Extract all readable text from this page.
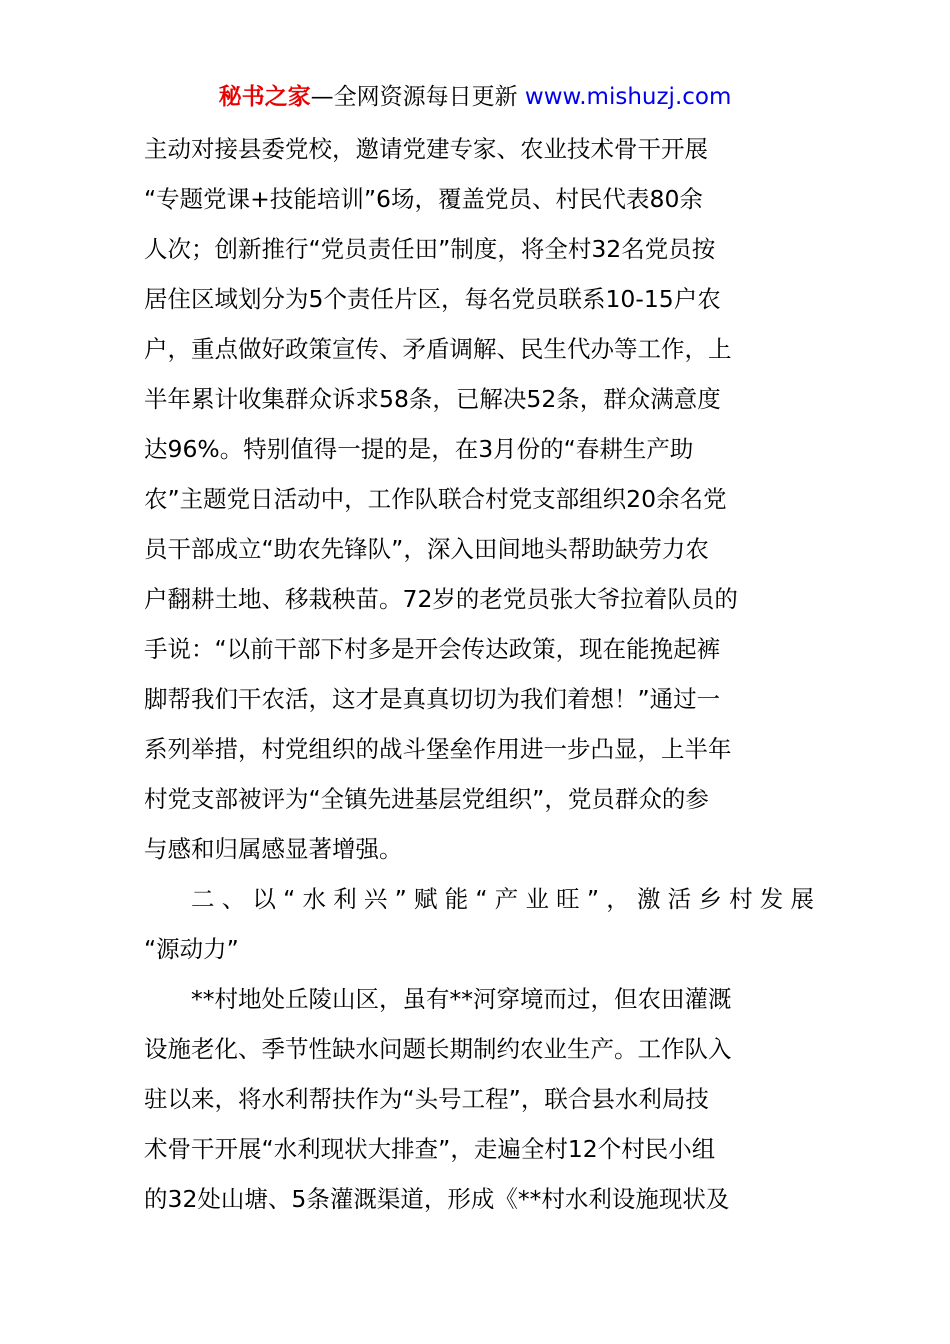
秘书之家—全网资源每日更新 www.mishuzj.com
主动对接县委党校，邀请党建专家、农业技术骨干开展
“专题党课+技能培训”6场，覆盖党员、村民代表80余
人次；创新推行“党员责任田”制度，将全村32名党员按
居住区域划分为5个责任片区，每名党员联系10-15户农
户，重点做好政策宣传、矛盾调解、民生代办等工作，上
半年累计收集群众诉求58条，已解决52条，群众满意度
达96%。特别值得一提的是，在3月份的“春耕生产助
农”主题党日活动中，工作队联合村党支部组织20余名党
员干部成立“助农先锋队”，深入田间地头帮助缺劳力农
户翻耕土地、移栽秧苗。72岁的老党员张大爷拉着队员的
手说：“以前干部下村多是开会传达政策，现在能挽起裤
脚帮我们干农活，这才是真真切切为我们着想！”通过一
系列举措，村党组织的战斗堡垒作用进一步凸显，上半年
村党支部被评为“全镇先进基层党组织”，党员群众的参
与感和归属感显著增强。
二、以“水利兴”赋能“产业旺”，激活乡村发展
“源动力”
**村地处丘陵山区，虽有**河穿境而过，但农田灌溉
设施老化、季节性缺水问题长期制约农业生产。工作队入
驻以来，将水利帮扶作为“头号工程”，联合县水利局技
术骨干开展“水利现状大排查”，走遍全村12个村民小组
的32处山塘、5条灌溉渠道，形成《**村水利设施现状及
